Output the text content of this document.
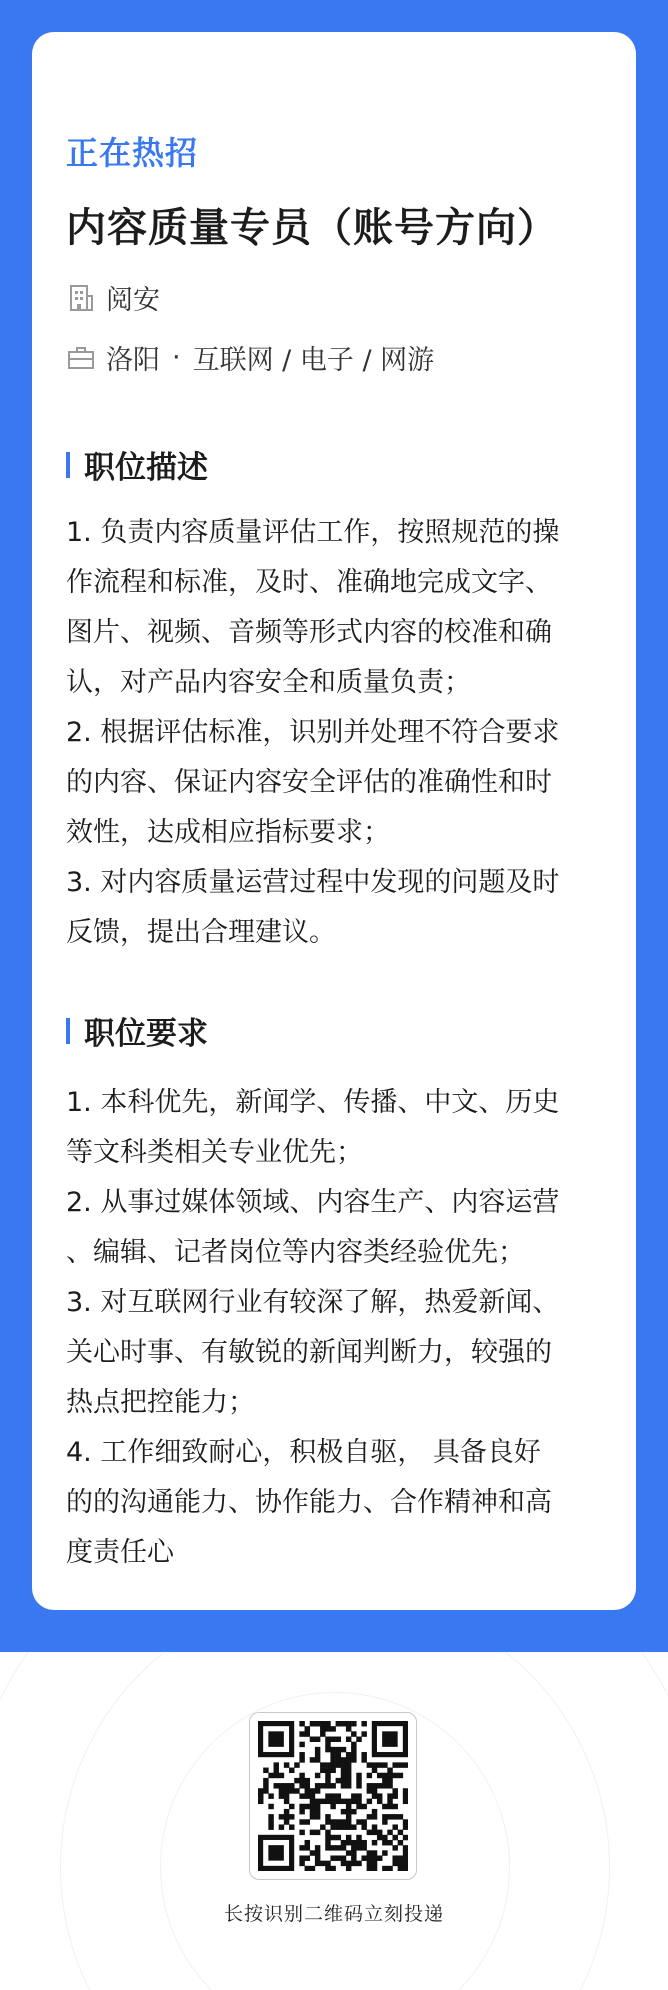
正在热招
内容质量专员（账号方向）
阅安
洛阳 · 互联网 / 电子 / 网游
职位描述

1. 负责内容质量评估工作，按照规范的操

作流程和标准，及时、准确地完成文字、

图片、视频、音频等形式内容的校准和确

认，对产品内容安全和质量负责；

2. 根据评估标准，识别并处理不符合要求

的内容、保证内容安全评估的准确性和时

效性，达成相应指标要求；

3. 对内容质量运营过程中发现的问题及时

反馈，提出合理建议。

职位要求

1. 本科优先，新闻学、传播、中文、历史

等文科类相关专业优先；

2. 从事过媒体领域、内容生产、内容运营

、编辑、记者岗位等内容类经验优先；

3. 对互联网行业有较深了解，热爱新闻、

关心时事、有敏锐的新闻判断力，较强的

热点把控能力；

4. 工作细致耐心，积极自驱， 具备良好

的的沟通能力、协作能力、合作精神和高

度责任心

长按识别二维码立刻投递
